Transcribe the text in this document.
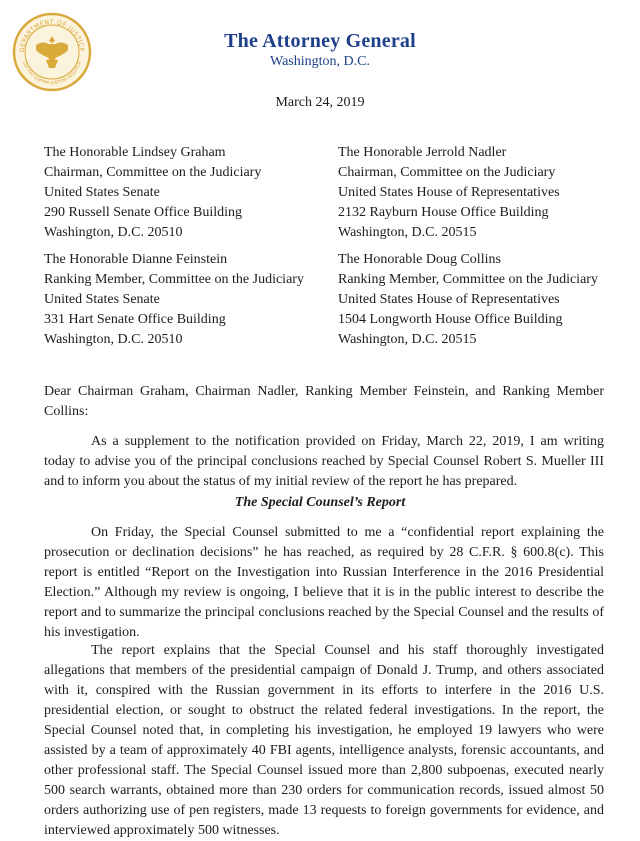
DEPARTMENT OF JUSTICE
QUI PRO DOMINA JUSTITIA SEQUITUR
The Attorney General
Washington, D.C.
March 24, 2019
The Honorable Lindsey Graham
Chairman, Committee on the Judiciary
United States Senate
290 Russell Senate Office Building
Washington, D.C. 20510
The Honorable Jerrold Nadler
Chairman, Committee on the Judiciary
United States House of Representatives
2132 Rayburn House Office Building
Washington, D.C. 20515
The Honorable Dianne Feinstein
Ranking Member, Committee on the Judiciary
United States Senate
331 Hart Senate Office Building
Washington, D.C. 20510
The Honorable Doug Collins
Ranking Member, Committee on the Judiciary
United States House of Representatives
1504 Longworth House Office Building
Washington, D.C. 20515

Dear Chairman Graham, Chairman Nadler, Ranking Member Feinstein, and Ranking Member Collins:

As a supplement to the notification provided on Friday, March 22, 2019, I am writing today to advise you of the principal conclusions reached by Special Counsel Robert S. Mueller III and to inform you about the status of my initial review of the report he has prepared.

The Special Counsel’s Report

On Friday, the Special Counsel submitted to me a “confidential report explaining the prosecution or declination decisions” he has reached, as required by 28 C.F.R. § 600.8(c). This report is entitled “Report on the Investigation into Russian Interference in the 2016 Presidential Election.” Although my review is ongoing, I believe that it is in the public interest to describe the report and to summarize the principal conclusions reached by the Special Counsel and the results of his investigation.

The report explains that the Special Counsel and his staff thoroughly investigated allegations that members of the presidential campaign of Donald J. Trump, and others associated with it, conspired with the Russian government in its efforts to interfere in the 2016 U.S. presidential election, or sought to obstruct the related federal investigations. In the report, the Special Counsel noted that, in completing his investigation, he employed 19 lawyers who were assisted by a team of approximately 40 FBI agents, intelligence analysts, forensic accountants, and other professional staff. The Special Counsel issued more than 2,800 subpoenas, executed nearly 500 search warrants, obtained more than 230 orders for communication records, issued almost 50 orders authorizing use of pen registers, made 13 requests to foreign governments for evidence, and interviewed approximately 500 witnesses.
